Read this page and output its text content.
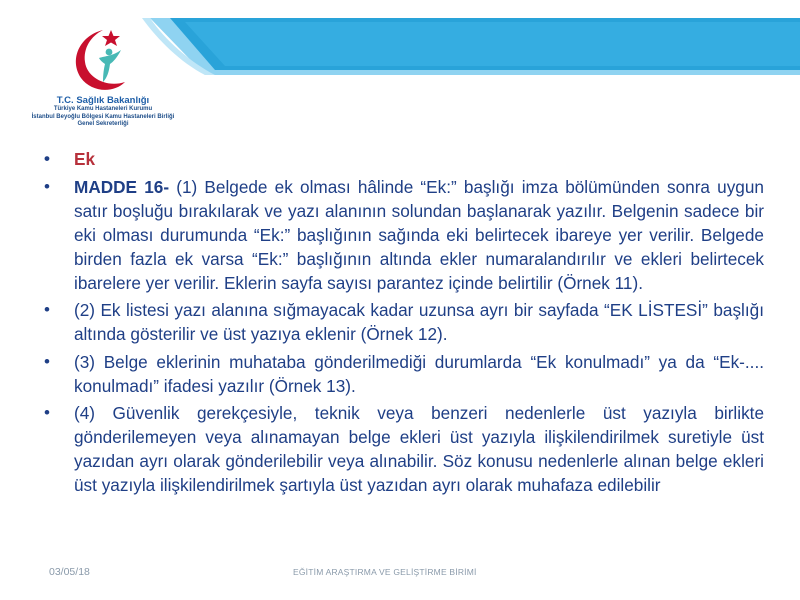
T.C. Sağlık Bakanlığı
Türkiye Kamu Hastaneleri Kurumu
İstanbul Beyoğlu Bölgesi Kamu Hastaneleri Birliği
Genel Sekreterliği
• Ek
• MADDE 16- (1) Belgede ek olması hâlinde “Ek:” başlığı imza bölümünden sonra uygun satır boşluğu bırakılarak ve yazı alanının solundan başlanarak yazılır. Belgenin sadece bir eki olması durumunda “Ek:” başlığının sağında eki belirtecek ibareye yer verilir. Belgede birden fazla ek varsa “Ek:” başlığının altında ekler numaralandırılır ve ekleri belirtecek ibarelere yer verilir. Eklerin sayfa sayısı parantez içinde belirtilir (Örnek 11).
• (2) Ek listesi yazı alanına sığmayacak kadar uzunsa ayrı bir sayfada “EK LİSTESİ” başlığı altında gösterilir ve üst yazıya eklenir (Örnek 12).
• (3) Belge eklerinin muhataba gönderilmediği durumlarda “Ek konulmadı” ya da “Ek-.... konulmadı” ifadesi yazılır (Örnek 13).
• (4) Güvenlik gerekçesiyle, teknik veya benzeri nedenlerle üst yazıyla birlikte gönderilemeyen veya alınamayan belge ekleri üst yazıyla ilişkilendirilmek suretiyle üst yazıdan ayrı olarak gönderilebilir veya alınabilir. Söz konusu nedenlerle alınan belge ekleri üst yazıyla ilişkilendirilmek şartıyla üst yazıdan ayrı olarak muhafaza edilebilir
03/05/18	EĞİTİM ARAŞTIRMA VE GELİŞTİRME BİRİMİ
